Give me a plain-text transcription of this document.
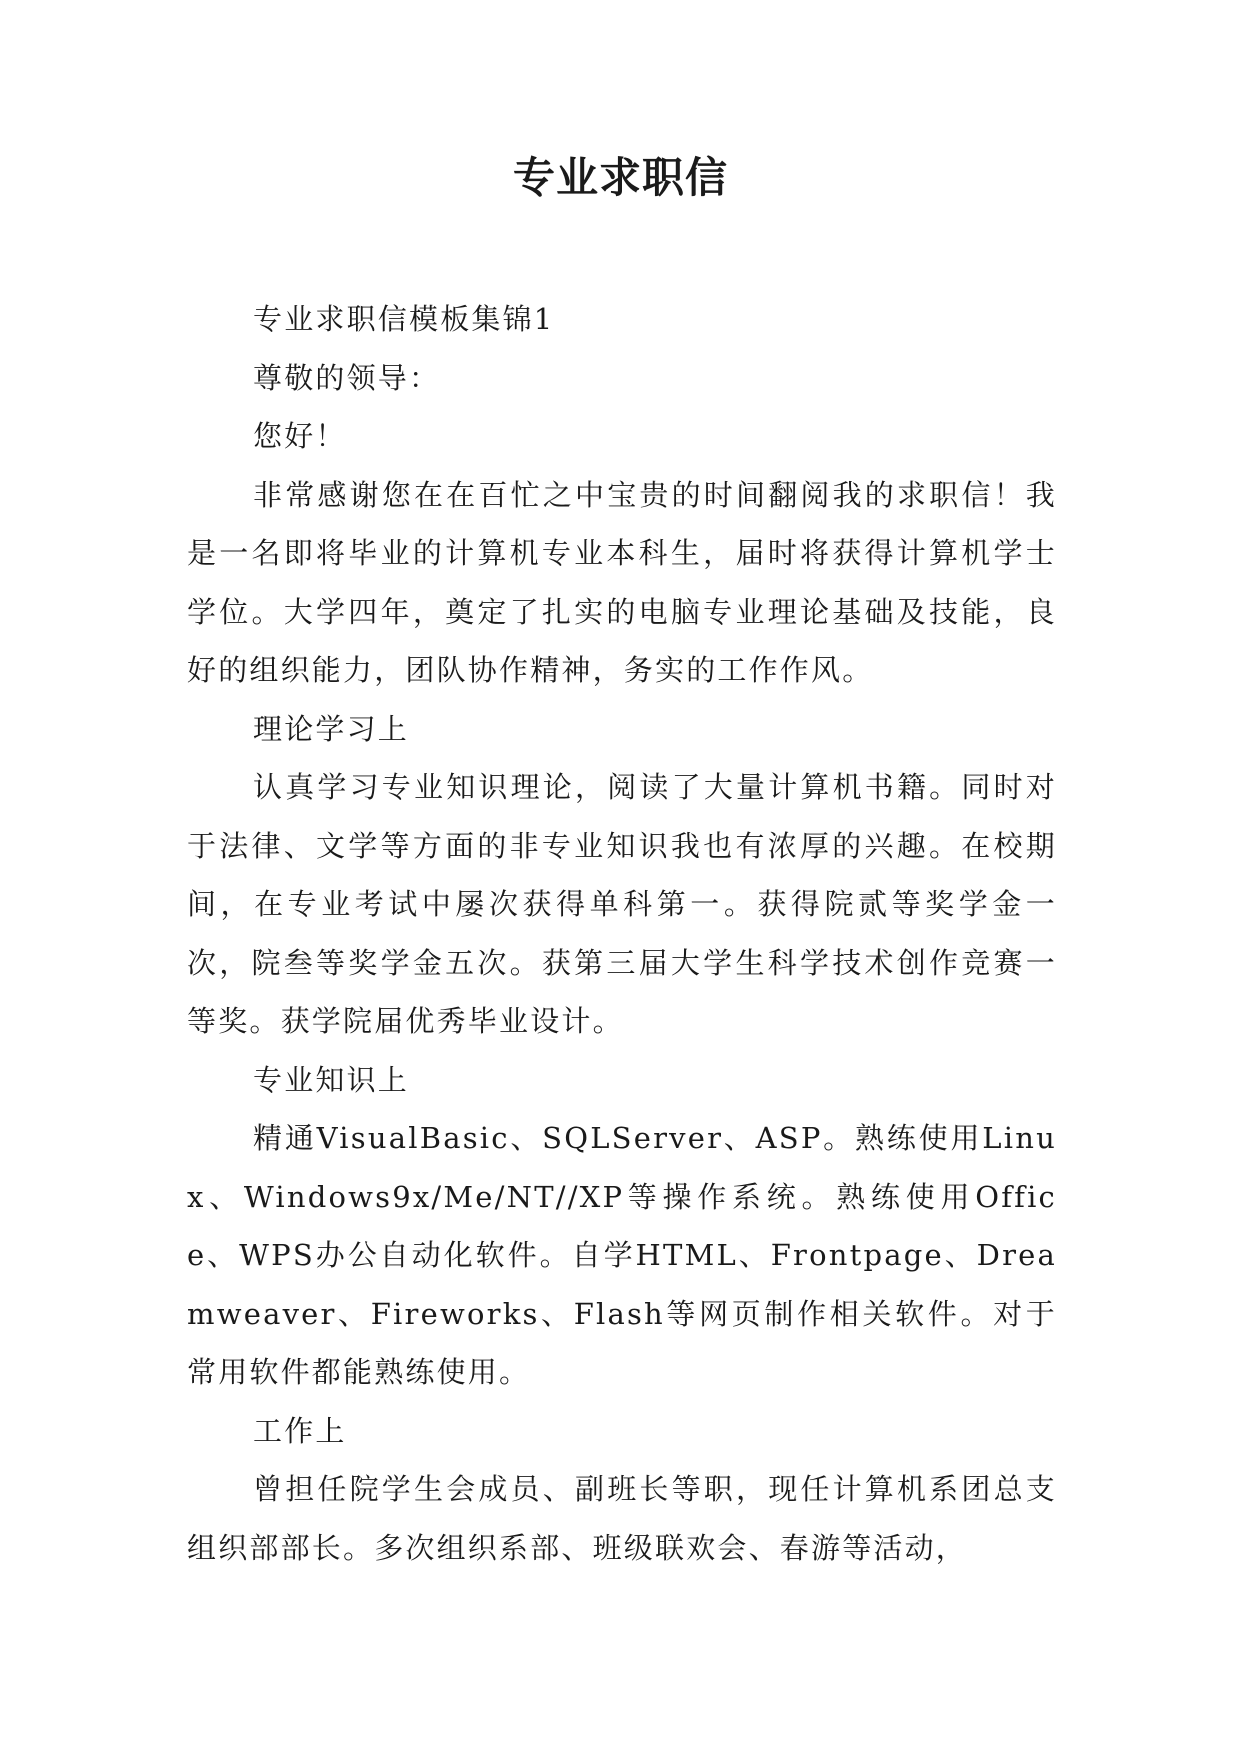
专业求职信

专业求职信模板集锦1

尊敬的领导：

您好！

非常感谢您在在百忙之中宝贵的时间翻阅我的求职信！我是一名即将毕业的计算机专业本科生，届时将获得计算机学士学位。大学四年，奠定了扎实的电脑专业理论基础及技能，良好的组织能力，团队协作精神，务实的工作作风。

理论学习上

认真学习专业知识理论，阅读了大量计算机书籍。同时对于法律、文学等方面的非专业知识我也有浓厚的兴趣。在校期间，在专业考试中屡次获得单科第一。获得院贰等奖学金一次，院叁等奖学金五次。获第三届大学生科学技术创作竞赛一等奖。获学院届优秀毕业设计。

专业知识上

精通VisualBasic、SQLServer、ASP。熟练使用Linux、Windows9x/Me/NT//XP等操作系统。熟练使用Office、WPS办公自动化软件。自学HTML、Frontpage、Dreamweaver、Fireworks、Flash等网页制作相关软件。对于常用软件都能熟练使用。

工作上

曾担任院学生会成员、副班长等职，现任计算机系团总支组织部部长。多次组织系部、班级联欢会、春游等活动，
